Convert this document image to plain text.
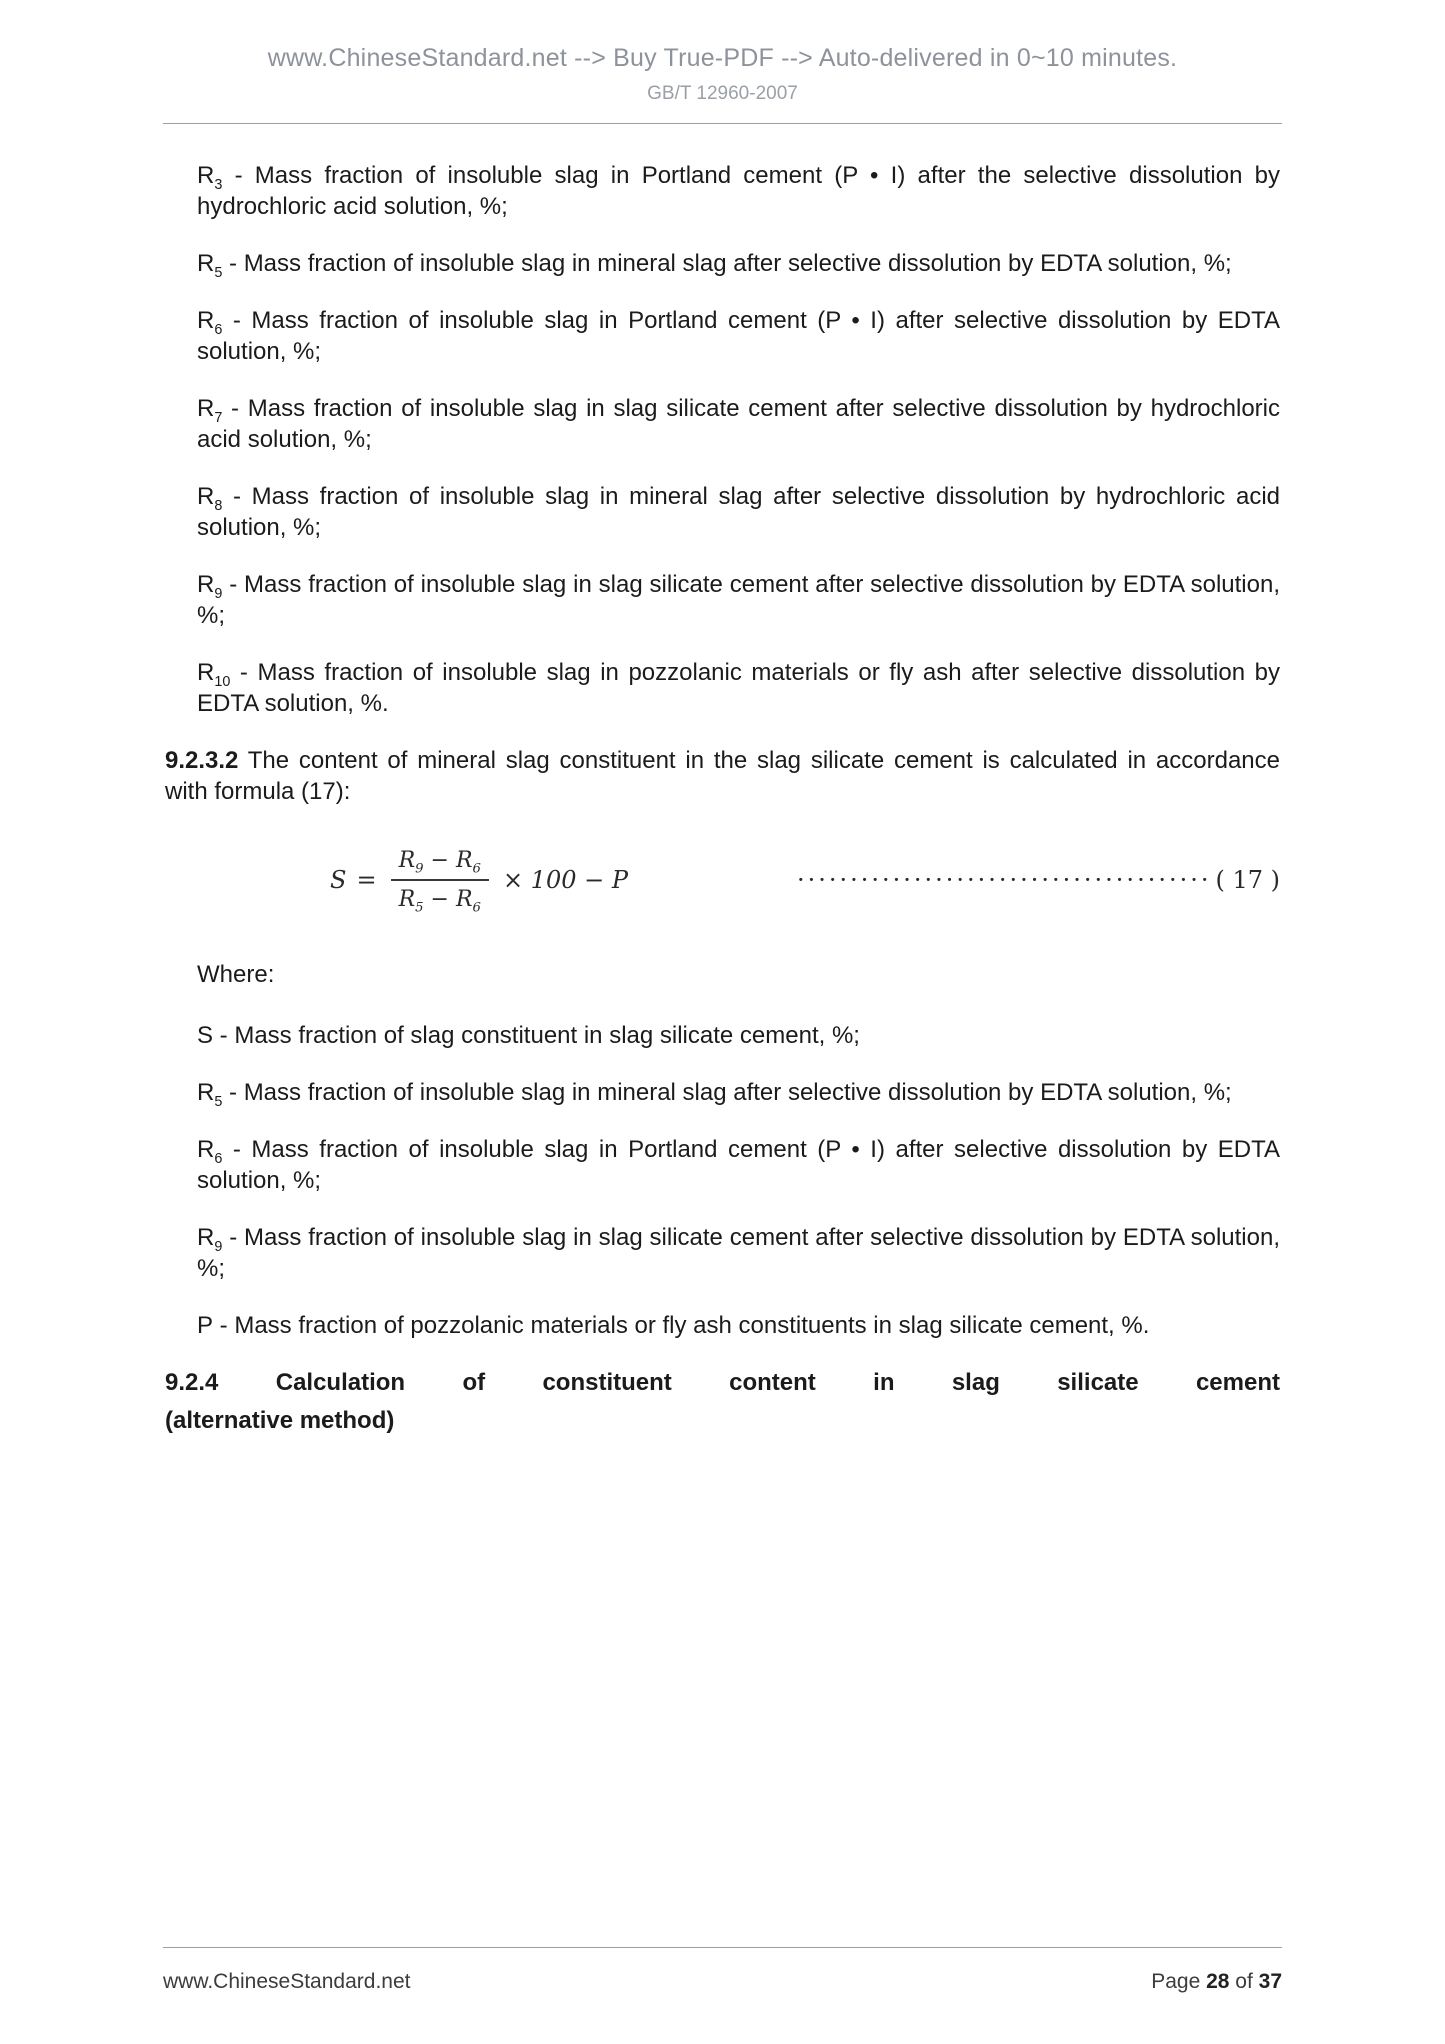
www.ChineseStandard.net --> Buy True-PDF --> Auto-delivered in 0~10 minutes.
GB/T 12960-2007

$R_3$ - Mass fraction of insoluble slag in Portland cement (P • I) after the selective dissolution by hydrochloric acid solution, %;

$R_5$ - Mass fraction of insoluble slag in mineral slag after selective dissolution by EDTA solution, %;

$R_6$ - Mass fraction of insoluble slag in Portland cement (P • I) after selective dissolution by EDTA solution, %;

$R_7$ - Mass fraction of insoluble slag in slag silicate cement after selective dissolution by hydrochloric acid solution, %;

$R_8$ - Mass fraction of insoluble slag in mineral slag after selective dissolution by hydrochloric acid solution, %;

$R_9$ - Mass fraction of insoluble slag in slag silicate cement after selective dissolution by EDTA solution, %;

$R_{10}$ - Mass fraction of insoluble slag in pozzolanic materials or fly ash after selective dissolution by EDTA solution, %.

9.2.3.2 The content of mineral slag constituent in the slag silicate cement is calculated in accordance with formula (17):

$S = \frac{R_9 - R_6}{R_5 - R_6} \times 100 - P$	······································· ( 17 )

Where:

S - Mass fraction of slag constituent in slag silicate cement, %;

$R_5$ - Mass fraction of insoluble slag in mineral slag after selective dissolution by EDTA solution, %;

$R_6$ - Mass fraction of insoluble slag in Portland cement (P • I) after selective dissolution by EDTA solution, %;

$R_9$ - Mass fraction of insoluble slag in slag silicate cement after selective dissolution by EDTA solution, %;

P - Mass fraction of pozzolanic materials or fly ash constituents in slag silicate cement, %.

9.2.4 Calculation of constituent content in slag silicate cement
(alternative method)
www.ChineseStandard.net	Page 28 of 37
